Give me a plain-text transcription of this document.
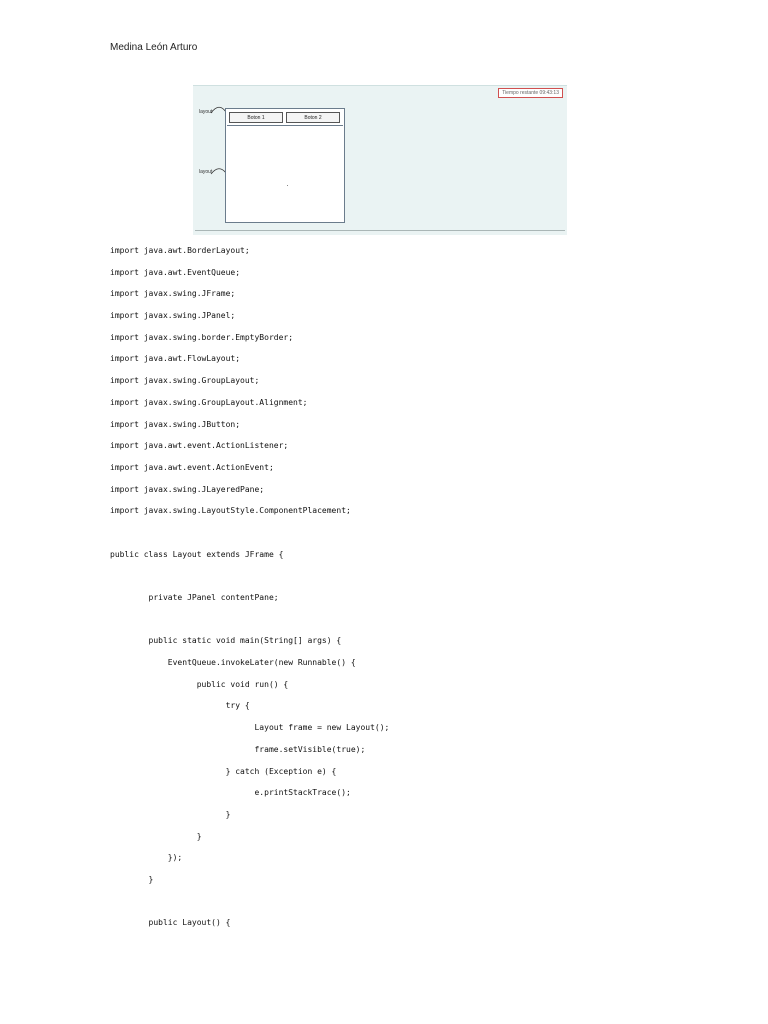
Medina León Arturo
Tiempo restante 09:43:13
layout
layout
Boton 1	Boton 2
import java.awt.BorderLayout;
import java.awt.EventQueue;
import javax.swing.JFrame;
import javax.swing.JPanel;
import javax.swing.border.EmptyBorder;
import java.awt.FlowLayout;
import javax.swing.GroupLayout;
import javax.swing.GroupLayout.Alignment;
import javax.swing.JButton;
import java.awt.event.ActionListener;
import java.awt.event.ActionEvent;
import javax.swing.JLayeredPane;
import javax.swing.LayoutStyle.ComponentPlacement;
public class Layout extends JFrame {
private JPanel contentPane;
public static void main(String[] args) {
EventQueue.invokeLater(new Runnable() {
public void run() {
try {
Layout frame = new Layout();
frame.setVisible(true);
} catch (Exception e) {
e.printStackTrace();
}
}
});
}
public Layout() {
